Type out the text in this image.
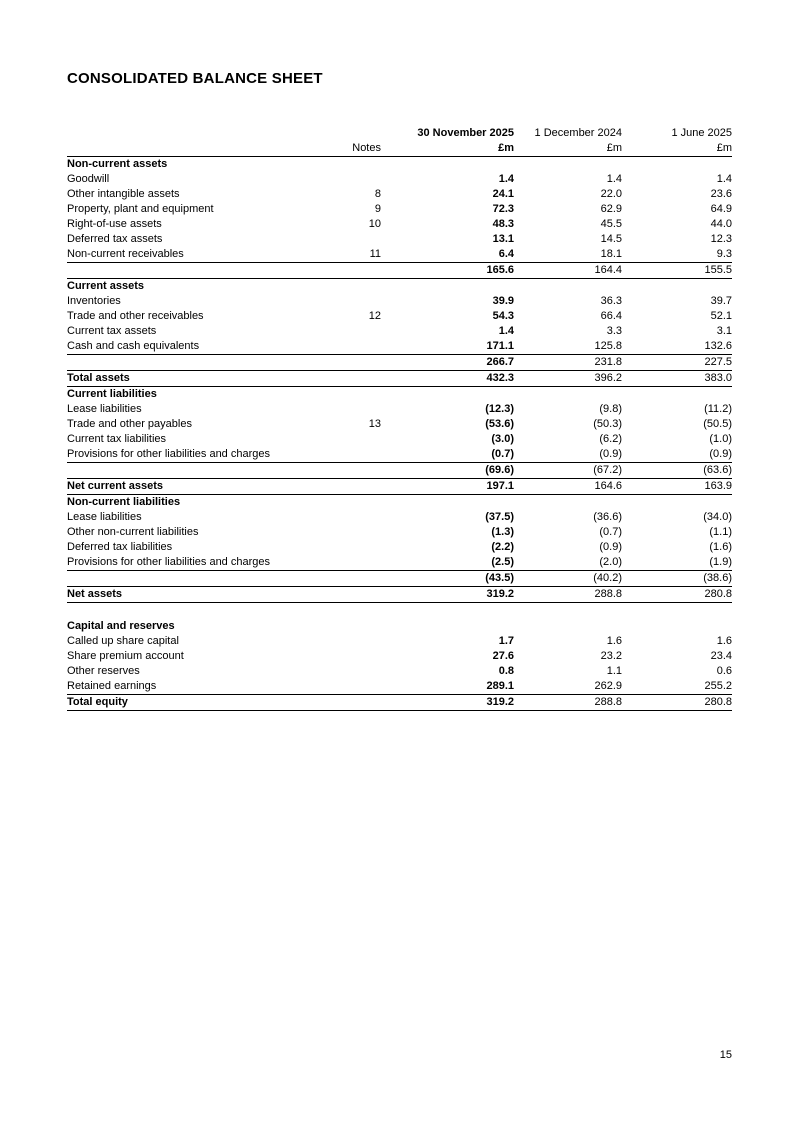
CONSOLIDATED BALANCE SHEET
		30 November 2025	1 December 2024	1 June 2025
	Notes	£m	£m	£m
Non-current assets				
Goodwill		1.4	1.4	1.4
Other intangible assets	8	24.1	22.0	23.6
Property, plant and equipment	9	72.3	62.9	64.9
Right-of-use assets	10	48.3	45.5	44.0
Deferred tax assets		13.1	14.5	12.3
Non-current receivables	11	6.4	18.1	9.3
		165.6	164.4	155.5
Current assets				
Inventories		39.9	36.3	39.7
Trade and other receivables	12	54.3	66.4	52.1
Current tax assets		1.4	3.3	3.1
Cash and cash equivalents		171.1	125.8	132.6
		266.7	231.8	227.5
Total assets		432.3	396.2	383.0
Current liabilities				
Lease liabilities		(12.3)	(9.8)	(11.2)
Trade and other payables	13	(53.6)	(50.3)	(50.5)
Current tax liabilities		(3.0)	(6.2)	(1.0)
Provisions for other liabilities and charges		(0.7)	(0.9)	(0.9)
		(69.6)	(67.2)	(63.6)
Net current assets		197.1	164.6	163.9
Non-current liabilities				
Lease liabilities		(37.5)	(36.6)	(34.0)
Other non-current liabilities		(1.3)	(0.7)	(1.1)
Deferred tax liabilities		(2.2)	(0.9)	(1.6)
Provisions for other liabilities and charges		(2.5)	(2.0)	(1.9)
		(43.5)	(40.2)	(38.6)
Net assets		319.2	288.8	280.8

Capital and reserves				
Called up share capital		1.7	1.6	1.6
Share premium account		27.6	23.2	23.4
Other reserves		0.8	1.1	0.6
Retained earnings		289.1	262.9	255.2
Total equity		319.2	288.8	280.8
15
